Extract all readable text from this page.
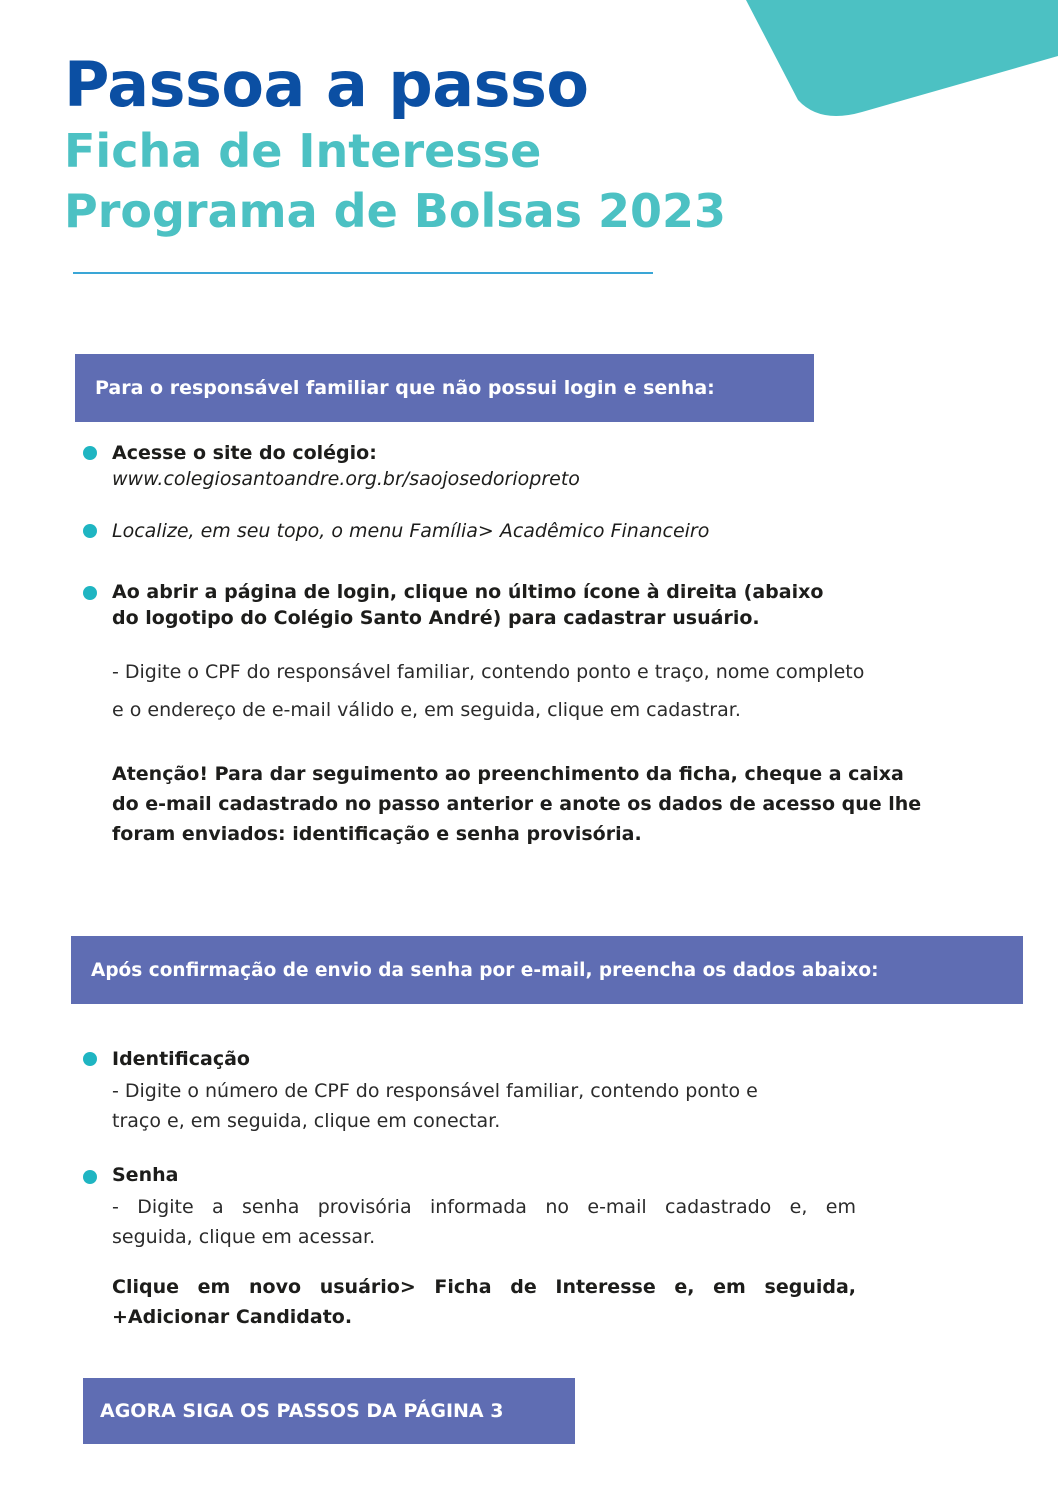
Passoa a passo
Ficha de Interesse
Programa de Bolsas 2023
Para o responsável familiar que não possui login e senha:

Acesse o site do colégio:

www.colegiosantoandre.org.br/saojosedoriopreto

Localize, em seu topo, o menu Família> Acadêmico Financeiro

Ao abrir a página de login, clique no último ícone à direita (abaixo

do logotipo do Colégio Santo André) para cadastrar usuário.

- Digite o CPF do responsável familiar, contendo ponto e traço, nome completo

e o endereço de e-mail válido e, em seguida, clique em cadastrar.

Atenção! Para dar seguimento ao preenchimento da ficha, cheque a caixa

do e-mail cadastrado no passo anterior e anote os dados de acesso que lhe

foram enviados: identificação e senha provisória.

Após confirmação de envio da senha por e-mail, preencha os dados abaixo:

Identificação

- Digite o número de CPF do responsável familiar, contendo ponto e

traço e, em seguida, clique em conectar.

Senha

- Digite a senha provisória informada no e-mail cadastrado e, em

seguida, clique em acessar.

Clique em novo usuário> Ficha de Interesse e, em seguida,

+Adicionar Candidato.

AGORA SIGA OS PASSOS DA PÁGINA 3
